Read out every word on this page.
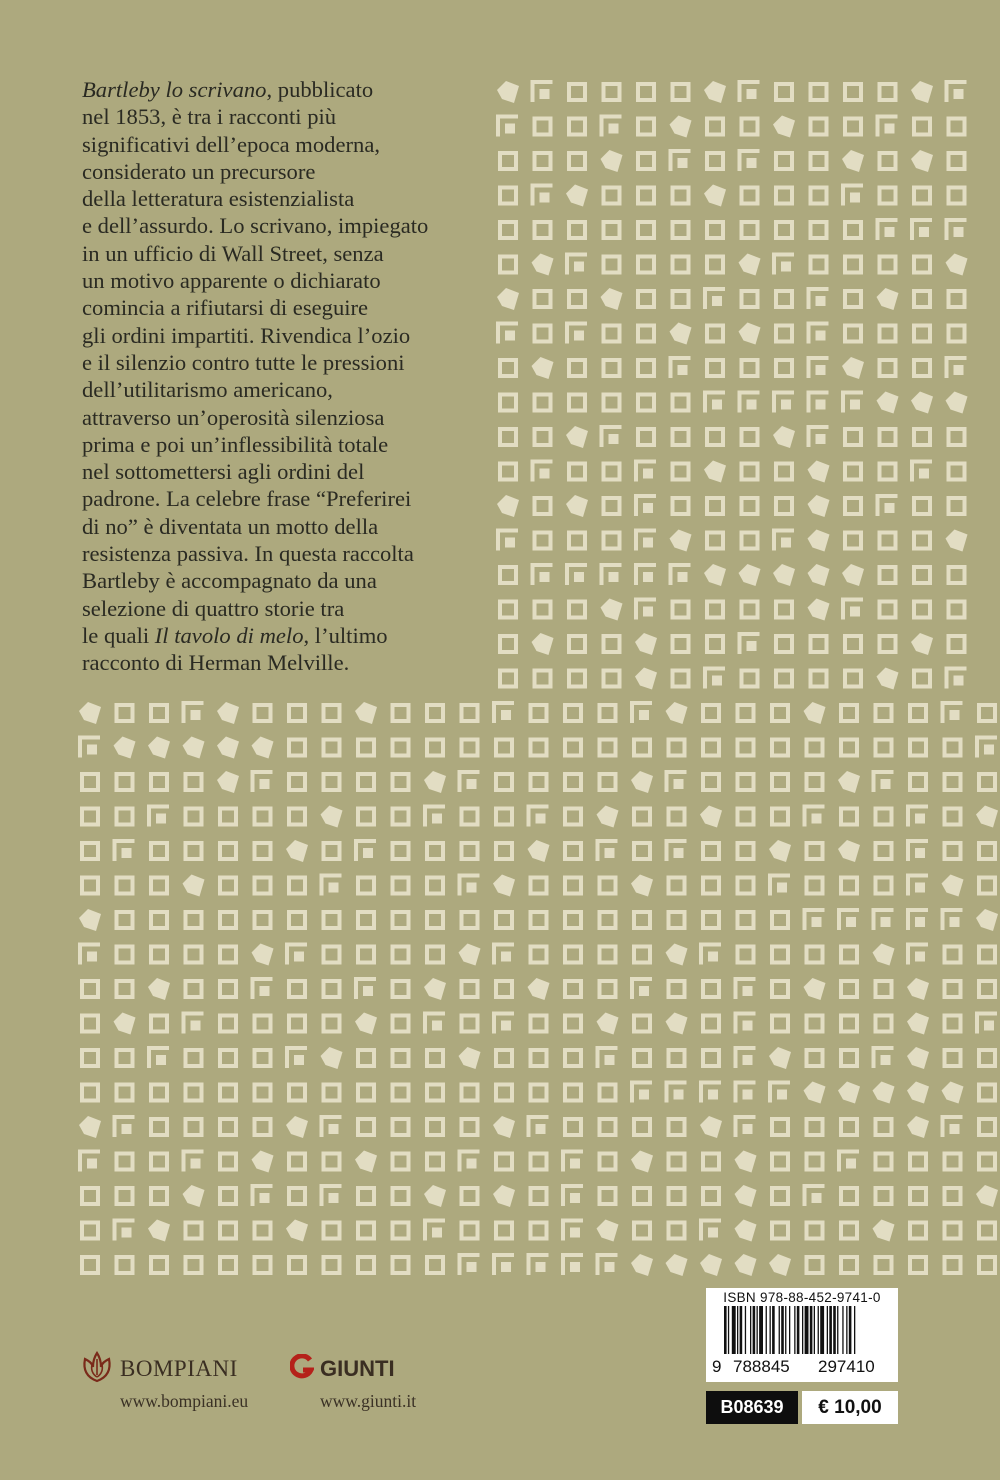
Bartleby lo scrivano, pubblicato
nel 1853, è tra i racconti più
significativi dell’epoca moderna,
considerato un precursore
della letteratura esistenzialista
e dell’assurdo. Lo scrivano, impiegato
in un ufficio di Wall Street, senza
un motivo apparente o dichiarato
comincia a rifiutarsi di eseguire
gli ordini impartiti. Rivendica l’ozio
e il silenzio contro tutte le pressioni
dell’utilitarismo americano,
attraverso un’operosità silenziosa
prima e poi un’inflessibilità totale
nel sottomettersi agli ordini del
padrone. La celebre frase “Preferirei
di no” è diventata un motto della
resistenza passiva. In questa raccolta
Bartleby è accompagnato da una
selezione di quattro storie tra
le quali Il tavolo di melo, l’ultimo
racconto di Herman Melville.
BOMPIANI
www.bompiani.eu
GIUNTI
www.giunti.it
ISBN 978-88-452-9741-0
9 788845 297410
B08639	€ 10,00
